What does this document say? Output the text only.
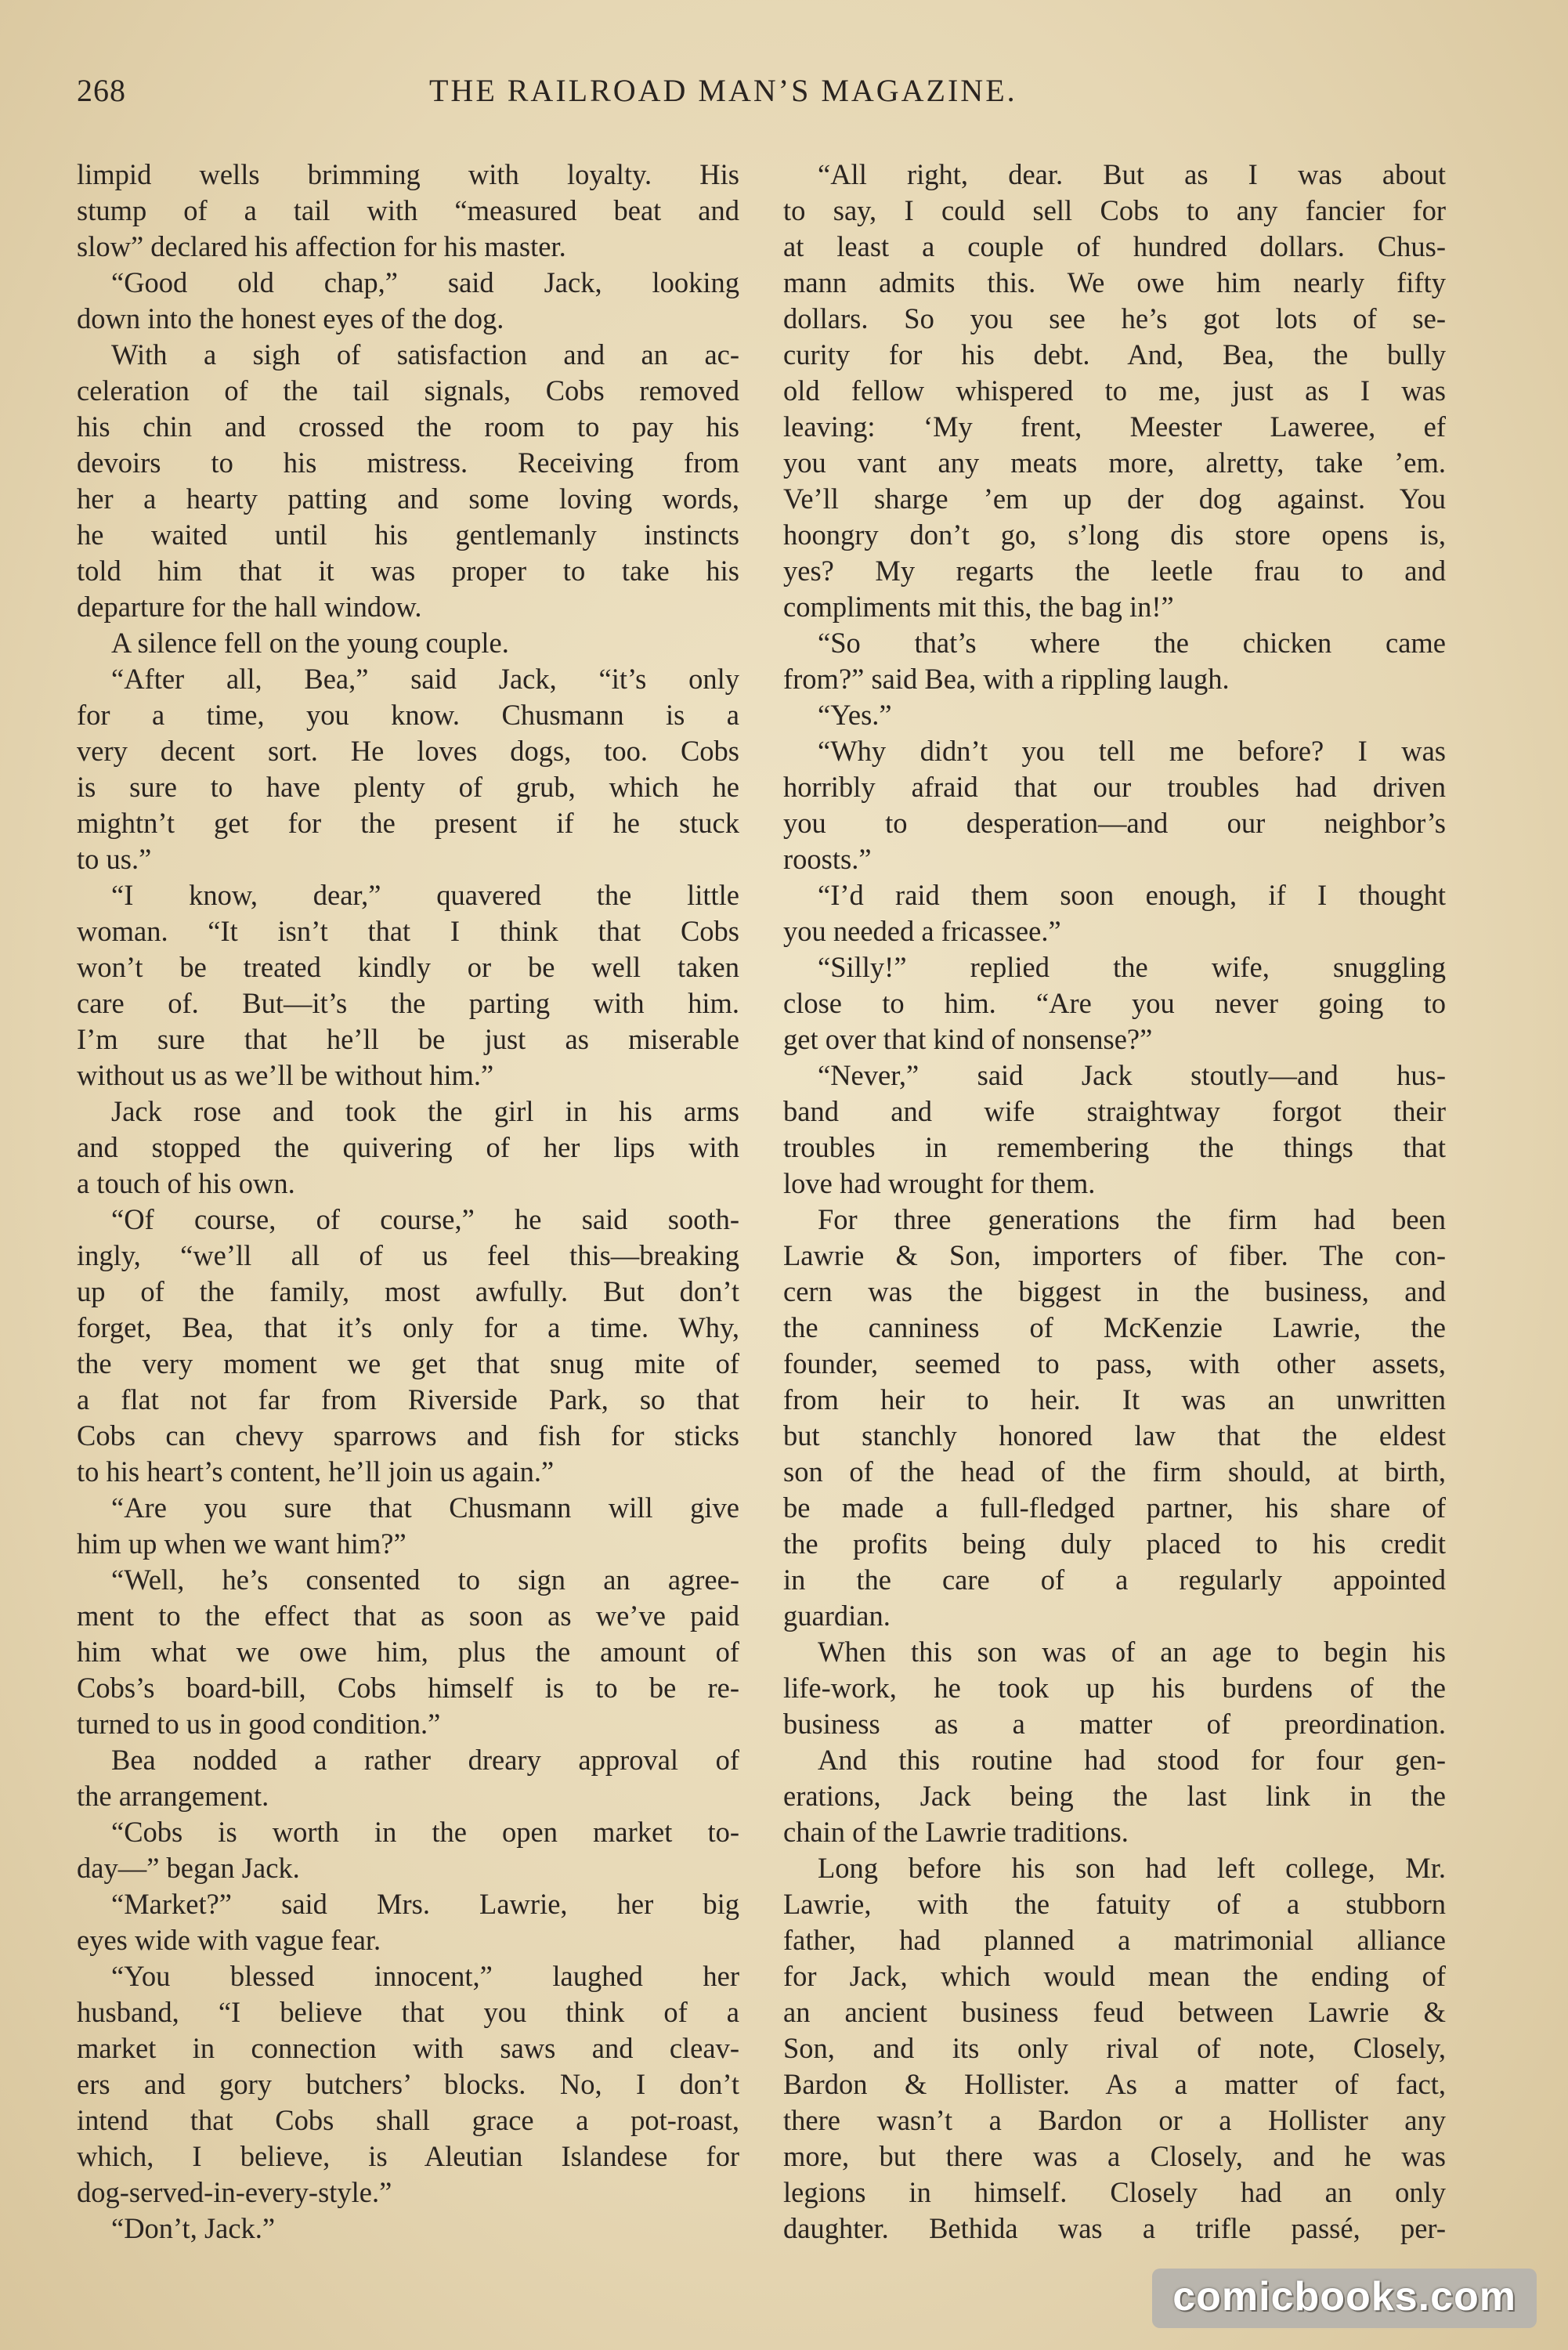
268	THE RAILROAD MAN’S MAGAZINE.
limpid wells brimming with loyalty. His
stump of a tail with “measured beat and
slow” declared his affection for his master.
“Good old chap,” said Jack, looking
down into the honest eyes of the dog.
With a sigh of satisfaction and an ac-
celeration of the tail signals, Cobs removed
his chin and crossed the room to pay his
devoirs to his mistress. Receiving from
her a hearty patting and some loving words,
he waited until his gentlemanly instincts
told him that it was proper to take his
departure for the hall window.
A silence fell on the young couple.
“After all, Bea,” said Jack, “it’s only
for a time, you know. Chusmann is a
very decent sort. He loves dogs, too. Cobs
is sure to have plenty of grub, which he
mightn’t get for the present if he stuck
to us.”
“I know, dear,” quavered the little
woman. “It isn’t that I think that Cobs
won’t be treated kindly or be well taken
care of. But—it’s the parting with him.
I’m sure that he’ll be just as miserable
without us as we’ll be without him.”
Jack rose and took the girl in his arms
and stopped the quivering of her lips with
a touch of his own.
“Of course, of course,” he said sooth-
ingly, “we’ll all of us feel this—breaking
up of the family, most awfully. But don’t
forget, Bea, that it’s only for a time. Why,
the very moment we get that snug mite of
a flat not far from Riverside Park, so that
Cobs can chevy sparrows and fish for sticks
to his heart’s content, he’ll join us again.”
“Are you sure that Chusmann will give
him up when we want him?”
“Well, he’s consented to sign an agree-
ment to the effect that as soon as we’ve paid
him what we owe him, plus the amount of
Cobs’s board-bill, Cobs himself is to be re-
turned to us in good condition.”
Bea nodded a rather dreary approval of
the arrangement.
“Cobs is worth in the open market to-
day—” began Jack.
“Market?” said Mrs. Lawrie, her big
eyes wide with vague fear.
“You blessed innocent,” laughed her
husband, “I believe that you think of a
market in connection with saws and cleav-
ers and gory butchers’ blocks. No, I don’t
intend that Cobs shall grace a pot-roast,
which, I believe, is Aleutian Islandese for
dog-served-in-every-style.”
“Don’t, Jack.”
“All right, dear. But as I was about
to say, I could sell Cobs to any fancier for
at least a couple of hundred dollars. Chus-
mann admits this. We owe him nearly fifty
dollars. So you see he’s got lots of se-
curity for his debt. And, Bea, the bully
old fellow whispered to me, just as I was
leaving: ‘My frent, Meester Laweree, ef
you vant any meats more, alretty, take ’em.
Ve’ll sharge ’em up der dog against. You
hoongry don’t go, s’long dis store opens is,
yes? My regarts the leetle frau to and
compliments mit this, the bag in!”
“So that’s where the chicken came
from?” said Bea, with a rippling laugh.
“Yes.”
“Why didn’t you tell me before? I was
horribly afraid that our troubles had driven
you to desperation—and our neighbor’s
roosts.”
“I’d raid them soon enough, if I thought
you needed a fricassee.”
“Silly!” replied the wife, snuggling
close to him. “Are you never going to
get over that kind of nonsense?”
“Never,” said Jack stoutly—and hus-
band and wife straightway forgot their
troubles in remembering the things that
love had wrought for them.
For three generations the firm had been
Lawrie & Son, importers of fiber. The con-
cern was the biggest in the business, and
the canniness of McKenzie Lawrie, the
founder, seemed to pass, with other assets,
from heir to heir. It was an unwritten
but stanchly honored law that the eldest
son of the head of the firm should, at birth,
be made a full-fledged partner, his share of
the profits being duly placed to his credit
in the care of a regularly appointed
guardian.
When this son was of an age to begin his
life-work, he took up his burdens of the
business as a matter of preordination.
And this routine had stood for four gen-
erations, Jack being the last link in the
chain of the Lawrie traditions.
Long before his son had left college, Mr.
Lawrie, with the fatuity of a stubborn
father, had planned a matrimonial alliance
for Jack, which would mean the ending of
an ancient business feud between Lawrie &
Son, and its only rival of note, Closely,
Bardon & Hollister. As a matter of fact,
there wasn’t a Bardon or a Hollister any
more, but there was a Closely, and he was
legions in himself. Closely had an only
daughter. Bethida was a trifle passé, per-
comicbooks.com
